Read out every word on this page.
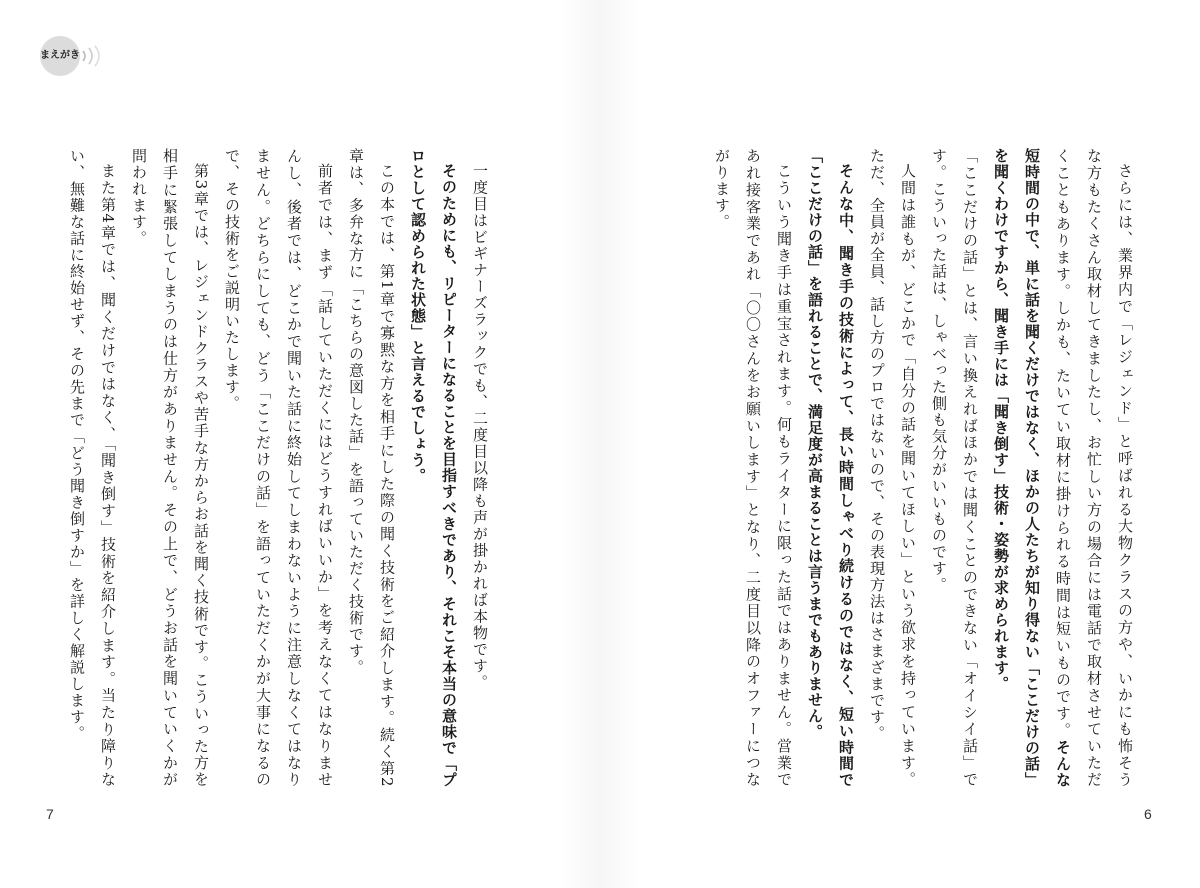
まえがき

さらには、業界内で「レジェンド」と呼ばれる大物クラスの方や、いかにも怖そうな方もたくさん取材してきましたし、お忙しい方の場合には電話で取材させていただくこともあります。しかも、たいてい取材に掛けられる時間は短いものです。そんな短時間の中で、単に話を聞くだけではなく、ほかの人たちが知り得ない「ここだけの話」を聞くわけですから、聞き手には「聞き倒す」技術・姿勢が求められます。

「ここだけの話」とは、言い換えればほかでは聞くことのできない「オイシイ話」です。こういった話は、しゃべった側も気分がいいものです。

人間は誰もが、どこかで「自分の話を聞いてほしい」という欲求を持っています。ただ、全員が全員、話し方のプロではないので、その表現方法はさまざまです。

そんな中、聞き手の技術によって、長い時間しゃべり続けるのではなく、短い時間で「ここだけの話」を語れることで、満足度が高まることは言うまでもありません。

こういう聞き手は重宝されます。何もライターに限った話ではありません。営業であれ接客業であれ「〇〇さんをお願いします」となり、二度目以降のオファーにつながります。

一度目はビギナーズラックでも、二度目以降も声が掛かれば本物です。

そのためにも、リピーターになることを目指すべきであり、それこそ本当の意味で「プロとして認められた状態」と言えるでしょう。

この本では、第1章で寡黙な方を相手にした際の聞く技術をご紹介します。続く第2章は、多弁な方に「こちらの意図した話」を語っていただく技術です。

前者では、まず「話していただくにはどうすればいいか」を考えなくてはなりませんし、後者では、どこかで聞いた話に終始してしまわないように注意しなくてはなりません。どちらにしても、どう「ここだけの話」を語っていただくかが大事になるので、その技術をご説明いたします。

第3章では、レジェンドクラスや苦手な方からお話を聞く技術です。こういった方を相手に緊張してしまうのは仕方がありません。その上で、どうお話を聞いていくかが問われます。

また第4章では、聞くだけではなく、「聞き倒す」技術を紹介します。当たり障りない、無難な話に終始せず、その先まで「どう聞き倒すか」を詳しく解説します。

7	6
